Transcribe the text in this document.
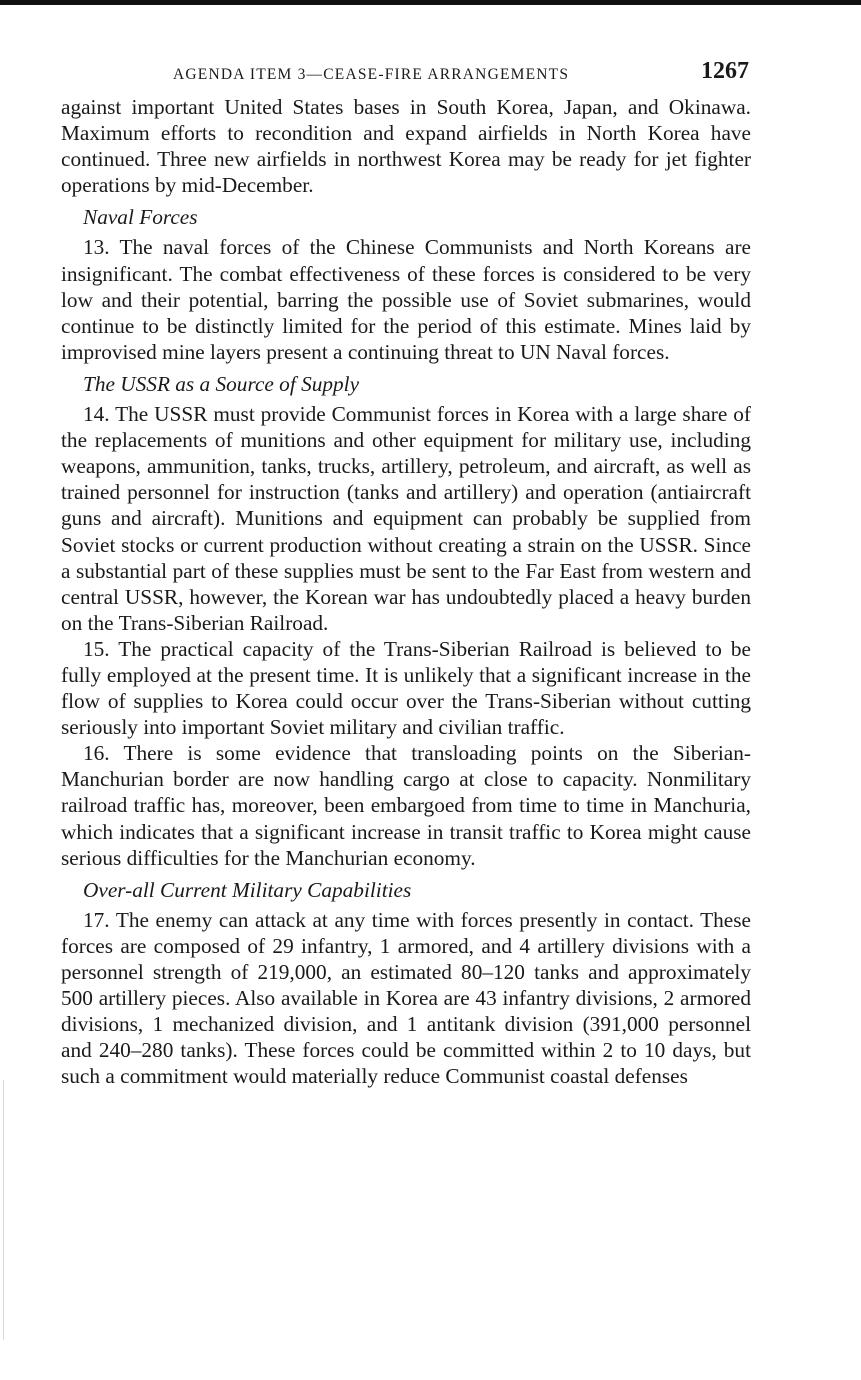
AGENDA ITEM 3—CEASE-FIRE ARRANGEMENTS	1267

against important United States bases in South Korea, Japan, and Okinawa. Maximum efforts to recondition and expand airfields in North Korea have continued. Three new airfields in northwest Korea may be ready for jet fighter operations by mid-December.

Naval Forces

13. The naval forces of the Chinese Communists and North Koreans are insignificant. The combat effectiveness of these forces is considered to be very low and their potential, barring the possible use of Soviet submarines, would continue to be distinctly limited for the period of this estimate. Mines laid by improvised mine layers present a continuing threat to UN Naval forces.

The USSR as a Source of Supply

14. The USSR must provide Communist forces in Korea with a large share of the replacements of munitions and other equipment for military use, including weapons, ammunition, tanks, trucks, artillery, petroleum, and aircraft, as well as trained personnel for instruction (tanks and artillery) and operation (antiaircraft guns and aircraft). Munitions and equipment can probably be supplied from Soviet stocks or current production without creating a strain on the USSR. Since a substantial part of these supplies must be sent to the Far East from western and central USSR, however, the Korean war has undoubtedly placed a heavy burden on the Trans-Siberian Railroad.

15. The practical capacity of the Trans-Siberian Railroad is believed to be fully employed at the present time. It is unlikely that a significant increase in the flow of supplies to Korea could occur over the Trans-Siberian without cutting seriously into important Soviet military and civilian traffic.

16. There is some evidence that transloading points on the Siberian-Manchurian border are now handling cargo at close to capacity. Nonmilitary railroad traffic has, moreover, been embargoed from time to time in Manchuria, which indicates that a significant increase in transit traffic to Korea might cause serious difficulties for the Manchurian economy.

Over-all Current Military Capabilities

17. The enemy can attack at any time with forces presently in contact. These forces are composed of 29 infantry, 1 armored, and 4 artillery divisions with a personnel strength of 219,000, an estimated 80–120 tanks and approximately 500 artillery pieces. Also available in Korea are 43 infantry divisions, 2 armored divisions, 1 mechanized division, and 1 antitank division (391,000 personnel and 240–280 tanks). These forces could be committed within 2 to 10 days, but such a commitment would materially reduce Communist coastal defenses
